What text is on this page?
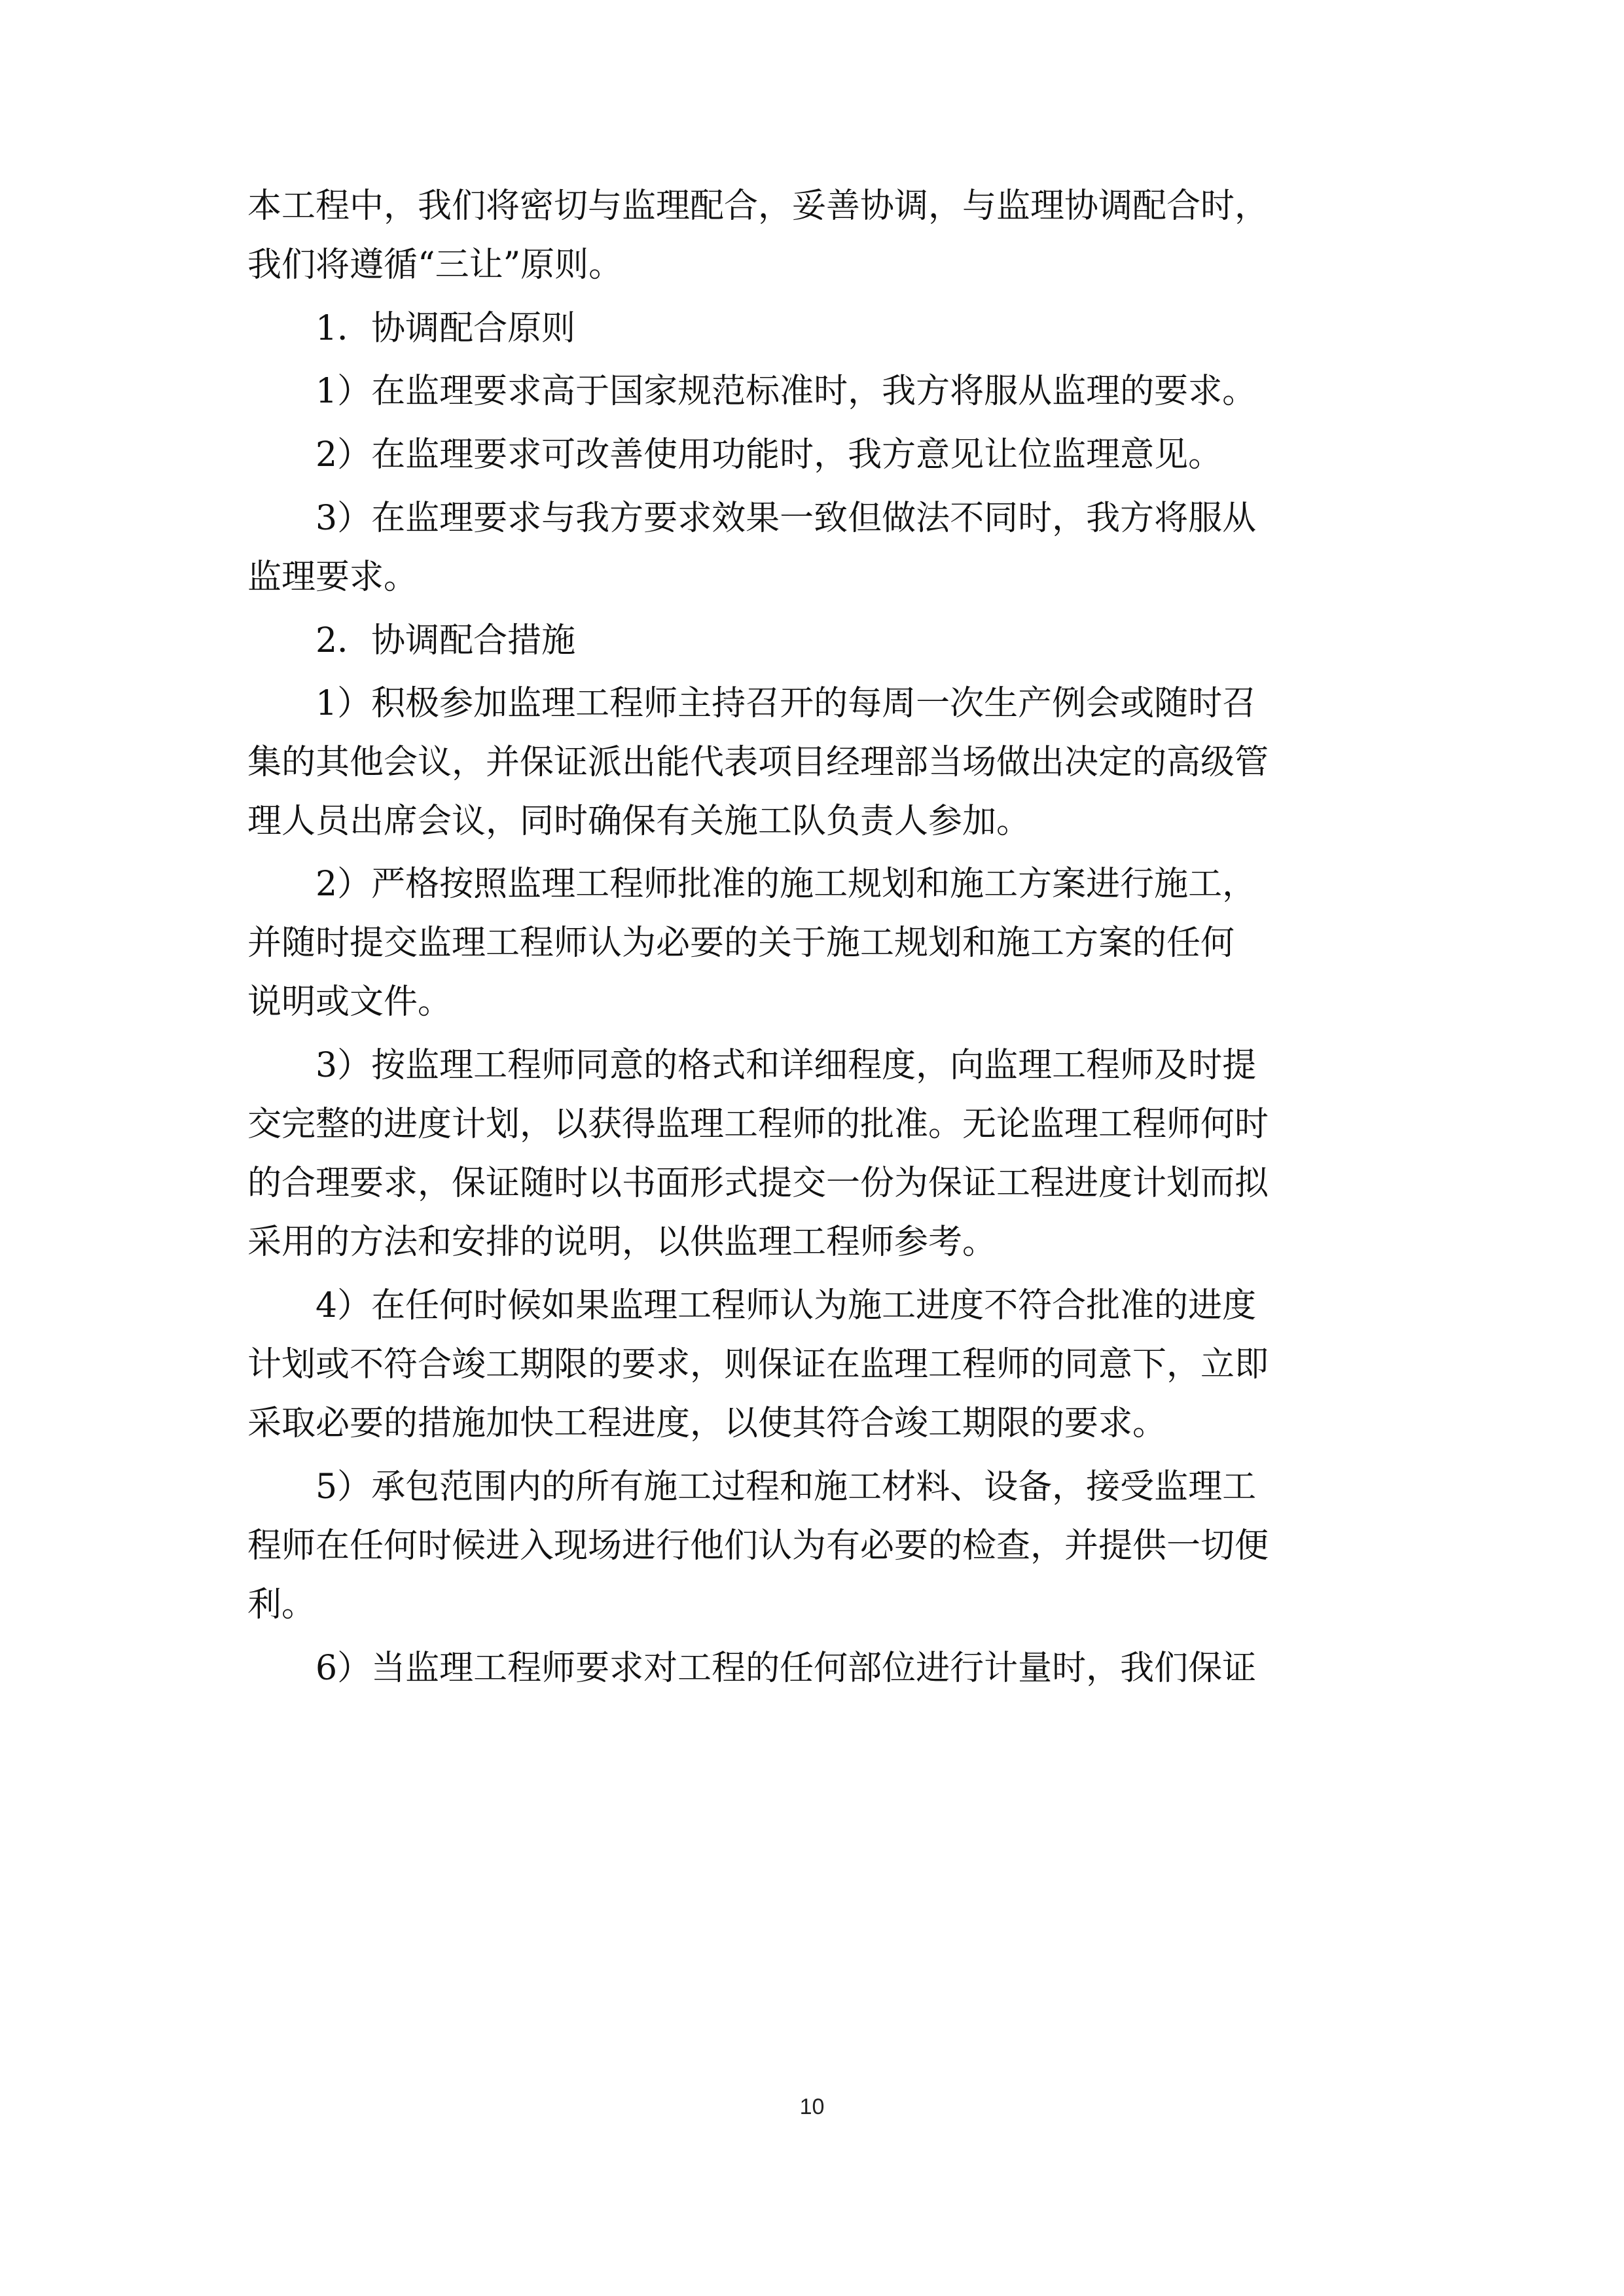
本工程中，我们将密切与监理配合，妥善协调，与监理协调配合时，
我们将遵循“三让”原则。
1．协调配合原则
1）在监理要求高于国家规范标准时，我方将服从监理的要求。
2）在监理要求可改善使用功能时，我方意见让位监理意见。
3）在监理要求与我方要求效果一致但做法不同时，我方将服从
监理要求。
2．协调配合措施
1）积极参加监理工程师主持召开的每周一次生产例会或随时召
集的其他会议，并保证派出能代表项目经理部当场做出决定的高级管
理人员出席会议，同时确保有关施工队负责人参加。
2）严格按照监理工程师批准的施工规划和施工方案进行施工，
并随时提交监理工程师认为必要的关于施工规划和施工方案的任何
说明或文件。
3）按监理工程师同意的格式和详细程度，向监理工程师及时提
交完整的进度计划，以获得监理工程师的批准。无论监理工程师何时
的合理要求，保证随时以书面形式提交一份为保证工程进度计划而拟
采用的方法和安排的说明，以供监理工程师参考。
4）在任何时候如果监理工程师认为施工进度不符合批准的进度
计划或不符合竣工期限的要求，则保证在监理工程师的同意下，立即
采取必要的措施加快工程进度，以使其符合竣工期限的要求。
5）承包范围内的所有施工过程和施工材料、设备，接受监理工
程师在任何时候进入现场进行他们认为有必要的检查，并提供一切便
利。
6）当监理工程师要求对工程的任何部位进行计量时，我们保证
10
